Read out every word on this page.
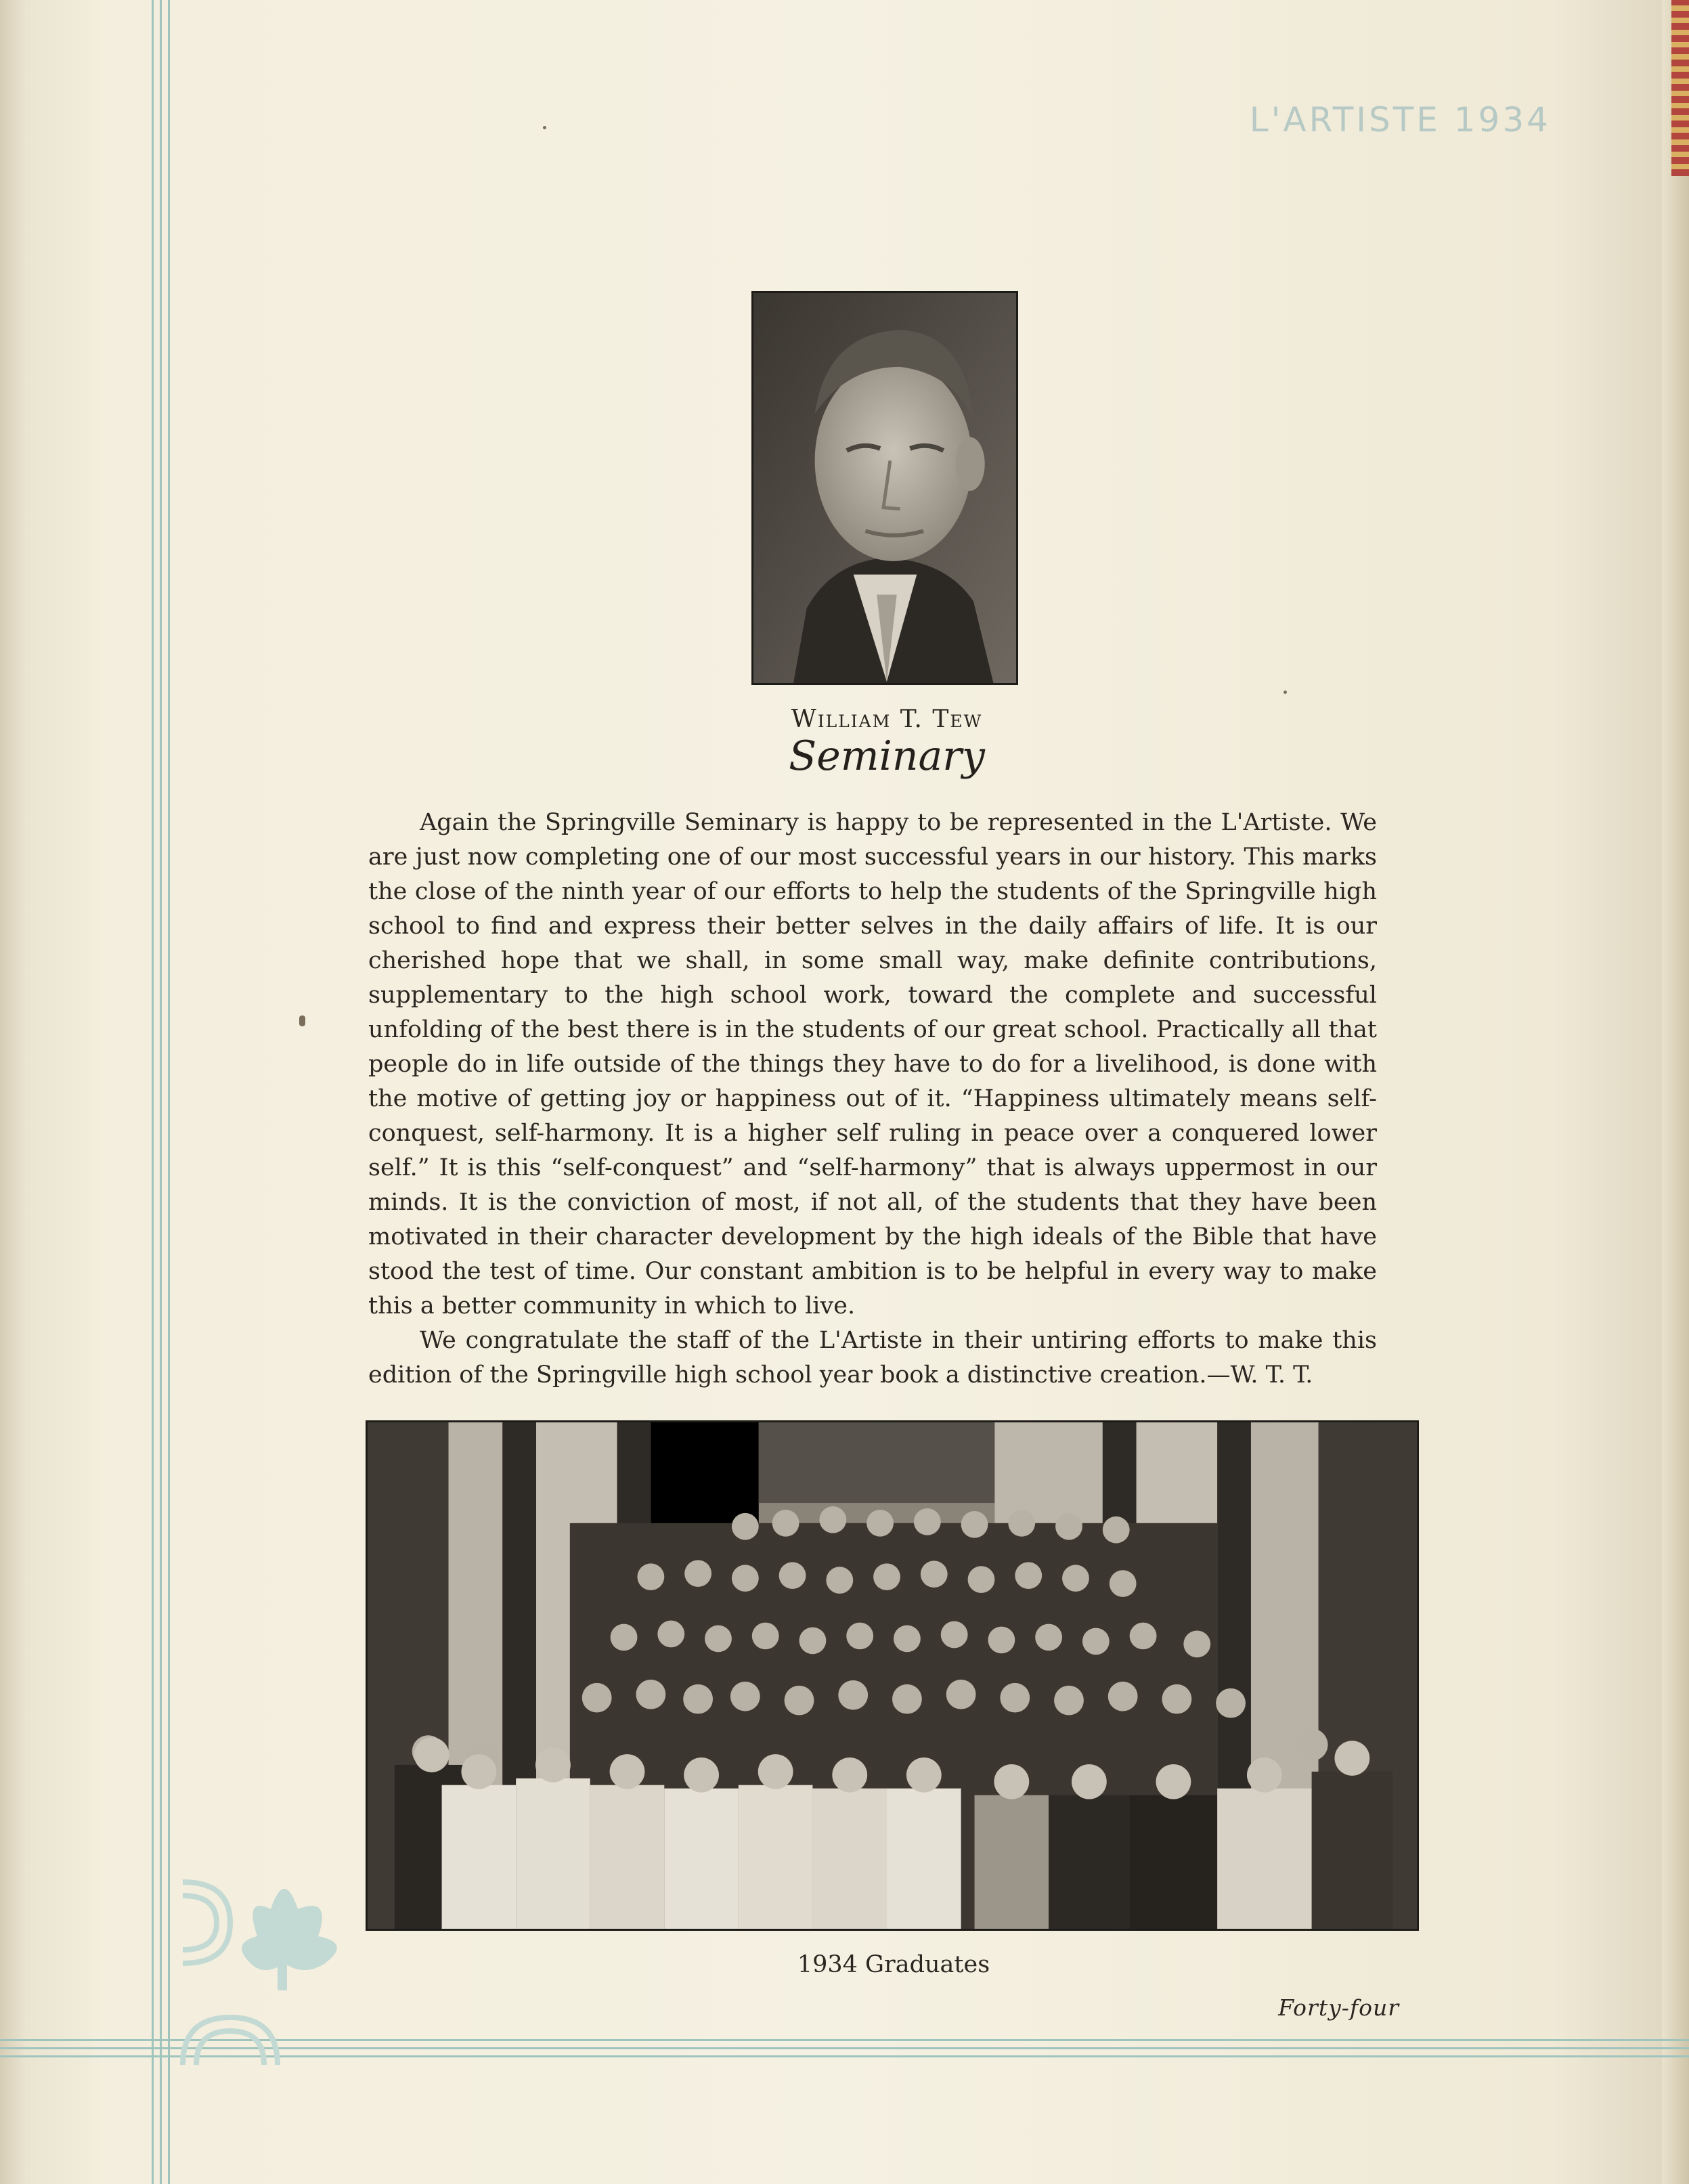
L'ARTISTE 1934
William T. Tew
Seminary

Again the Springville Seminary is happy to be represented in the L'Artiste. We are just now completing one of our most successful years in our history. This marks the close of the ninth year of our efforts to help the students of the Springville high school to find and express their better selves in the daily affairs of life. It is our cherished hope that we shall, in some small way, make definite contributions, supplementary to the high school work, toward the complete and successful unfolding of the best there is in the students of our great school. Practically all that people do in life outside of the things they have to do for a livelihood, is done with the motive of getting joy or happiness out of it. “Happiness ultimately means self-conquest, self-harmony. It is a higher self ruling in peace over a conquered lower self.” It is this “self-conquest” and “self-harmony” that is always uppermost in our minds. It is the conviction of most, if not all, of the students that they have been motivated in their character development by the high ideals of the Bible that have stood the test of time. Our constant ambition is to be helpful in every way to make this a better community in which to live.

We congratulate the staff of the L'Artiste in their untiring efforts to make this edition of the Springville high school year book a distinctive creation.—W. T. T.

1934 Graduates
Forty-four
